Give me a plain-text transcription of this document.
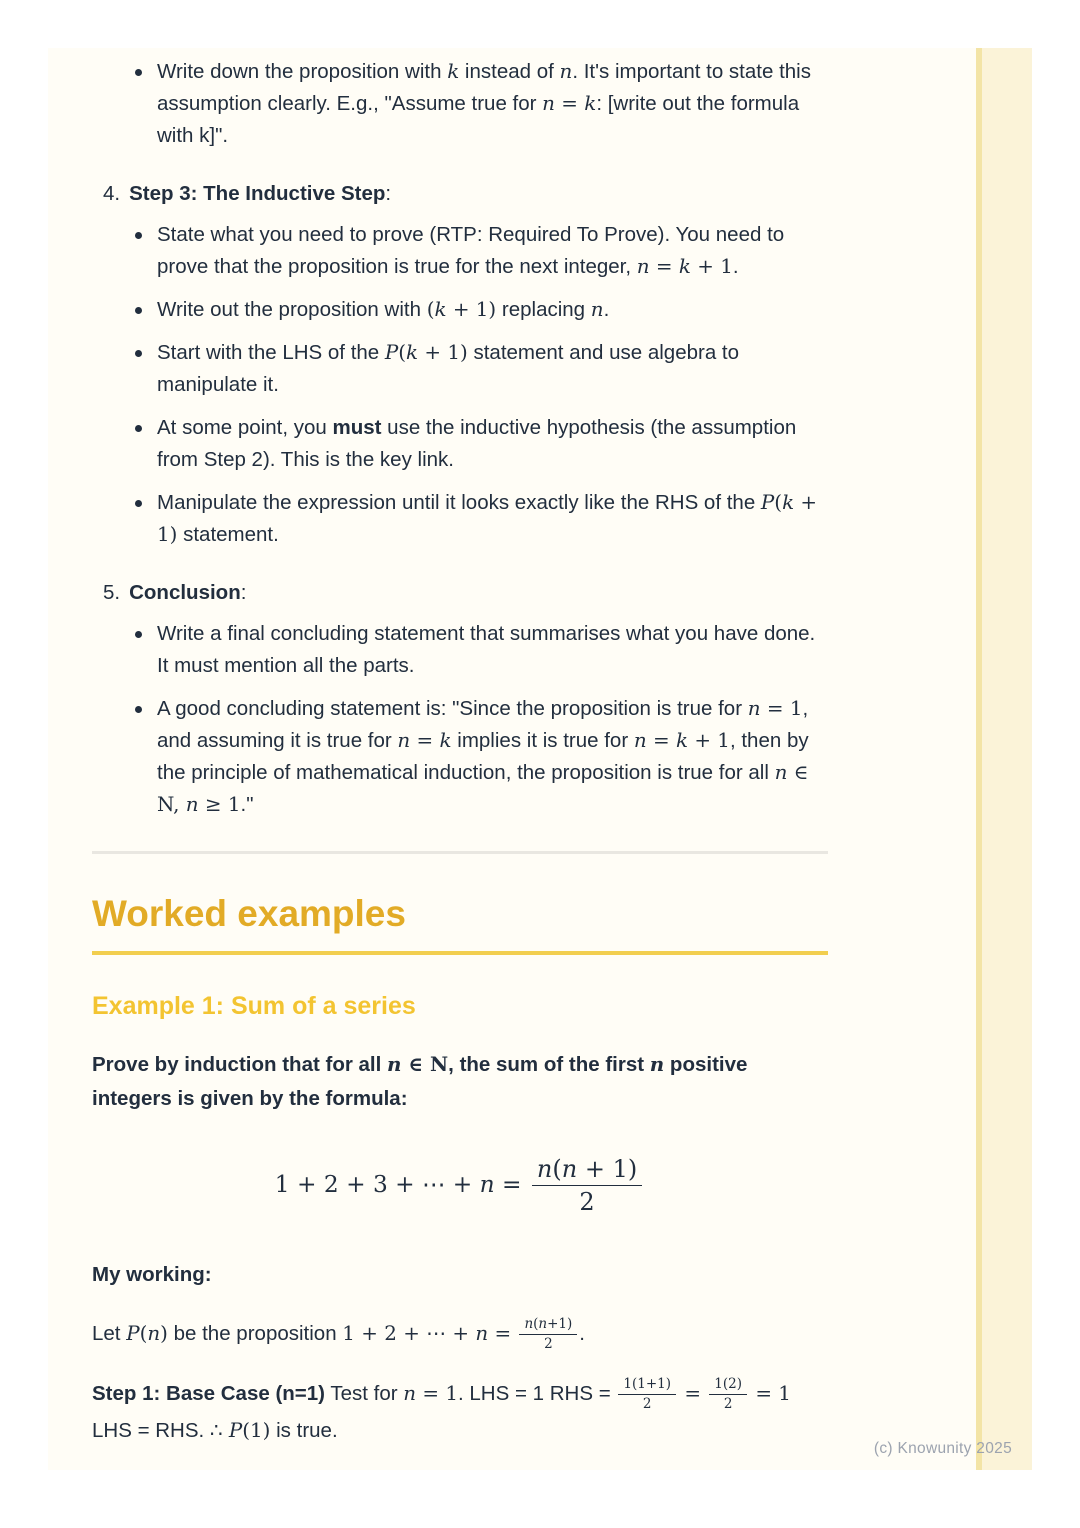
Write down the proposition with k instead of n. It's important to state this assumption clearly. E.g., "Assume true for n = k: [write out the formula with k]".
4. Step 3: The Inductive Step:
State what you need to prove (RTP: Required To Prove). You need to prove that the proposition is true for the next integer, n = k + 1.
Write out the proposition with (k + 1) replacing n.
Start with the LHS of the P(k + 1) statement and use algebra to manipulate it.
At some point, you must use the inductive hypothesis (the assumption from Step 2). This is the key link.
Manipulate the expression until it looks exactly like the RHS of the P(k + 1) statement.
5. Conclusion:
Write a final concluding statement that summarises what you have done. It must mention all the parts.
A good concluding statement is: "Since the proposition is true for n = 1, and assuming it is true for n = k implies it is true for n = k + 1, then by the principle of mathematical induction, the proposition is true for all n ∈ N, n ≥ 1."
Worked examples
Example 1: Sum of a series

Prove by induction that for all n ∈ N, the sum of the first n positive integers is given by the formula:

1 + 2 + 3 + ⋯ + $n = \frac{n(n + 1)}{2}$

My working:

Let P(n) be the proposition 1 + 2 + ⋯ + $n = \frac{n(n+1)}{2}$ .

Step 1: Base Case (n=1) Test for n = 1. LHS = 1 RHS = $\frac{1(1+1)}{2} = \frac{1(2)}{2} = 1$ LHS = RHS. ∴ P(1) is true.

(c) Knowunity 2025
